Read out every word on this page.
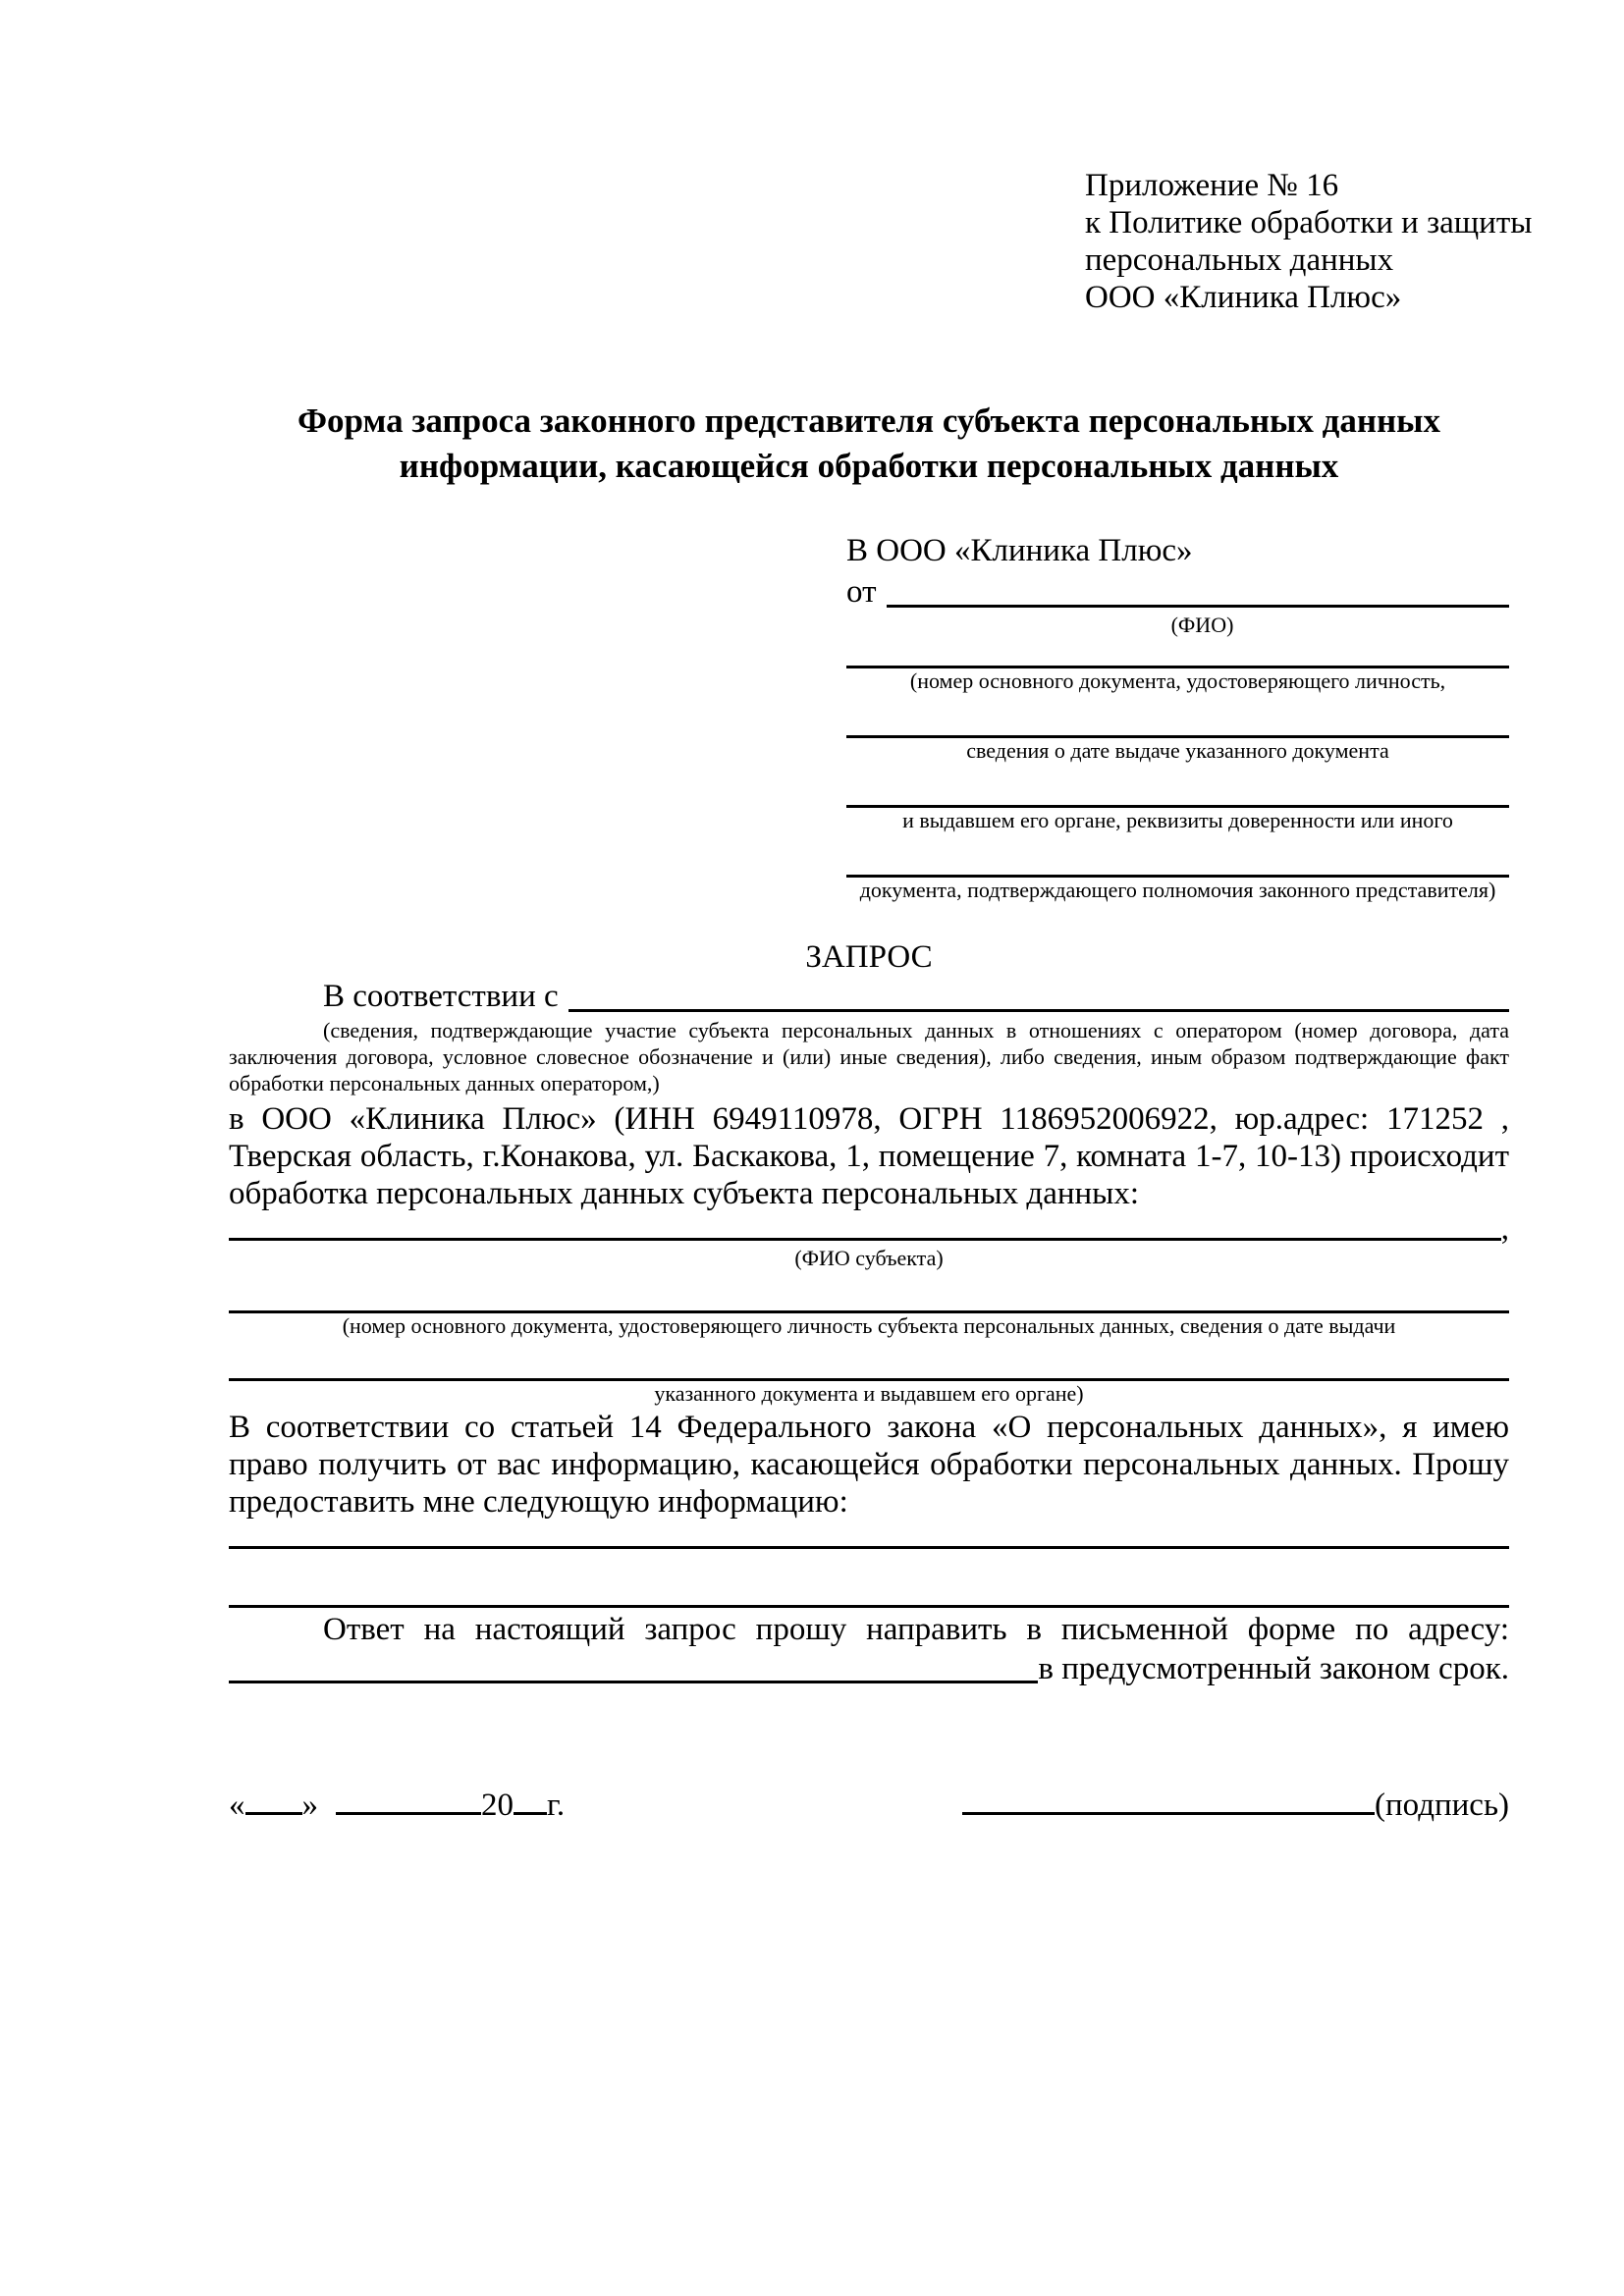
Приложение № 16
к Политике обработки и защиты
персональных данных
ООО «Клиника Плюс»
Форма запроса законного представителя субъекта персональных данных
информации, касающейся обработки персональных данных
В ООО «Клиника Плюс»
от
(ФИО)
(номер основного документа, удостоверяющего личность,
сведения о дате выдаче указанного документа
и выдавшем его органе, реквизиты доверенности или иного
документа, подтверждающего полномочия законного представителя)
ЗАПРОС
В соответствии с
(сведения, подтверждающие участие субъекта персональных данных в отношениях с оператором (номер договора, дата заключения договора, условное словесное обозначение и (или) иные сведения), либо сведения, иным образом подтверждающие факт обработки персональных данных оператором,)

в ООО «Клиника Плюс» (ИНН 6949110978, ОГРН 1186952006922, юр.адрес: 171252 , Тверская область, г.Конакова, ул. Баскакова, 1, помещение 7, комната 1-7, 10-13) происходит обработка персональных данных субъекта персональных данных:

,
(ФИО субъекта)
(номер основного документа, удостоверяющего личность субъекта персональных данных, сведения о дате выдачи
указанного документа и выдавшем его органе)

В соответствии со статьей 14 Федерального закона «О персональных данных», я имею право получить от вас информацию, касающейся обработки персональных данных. Прошу предоставить мне следующую информацию:

Ответ на настоящий запрос прошу направить в письменной форме по адресу:
в предусмотренный законом срок.
« »	20 г.	(подпись)
